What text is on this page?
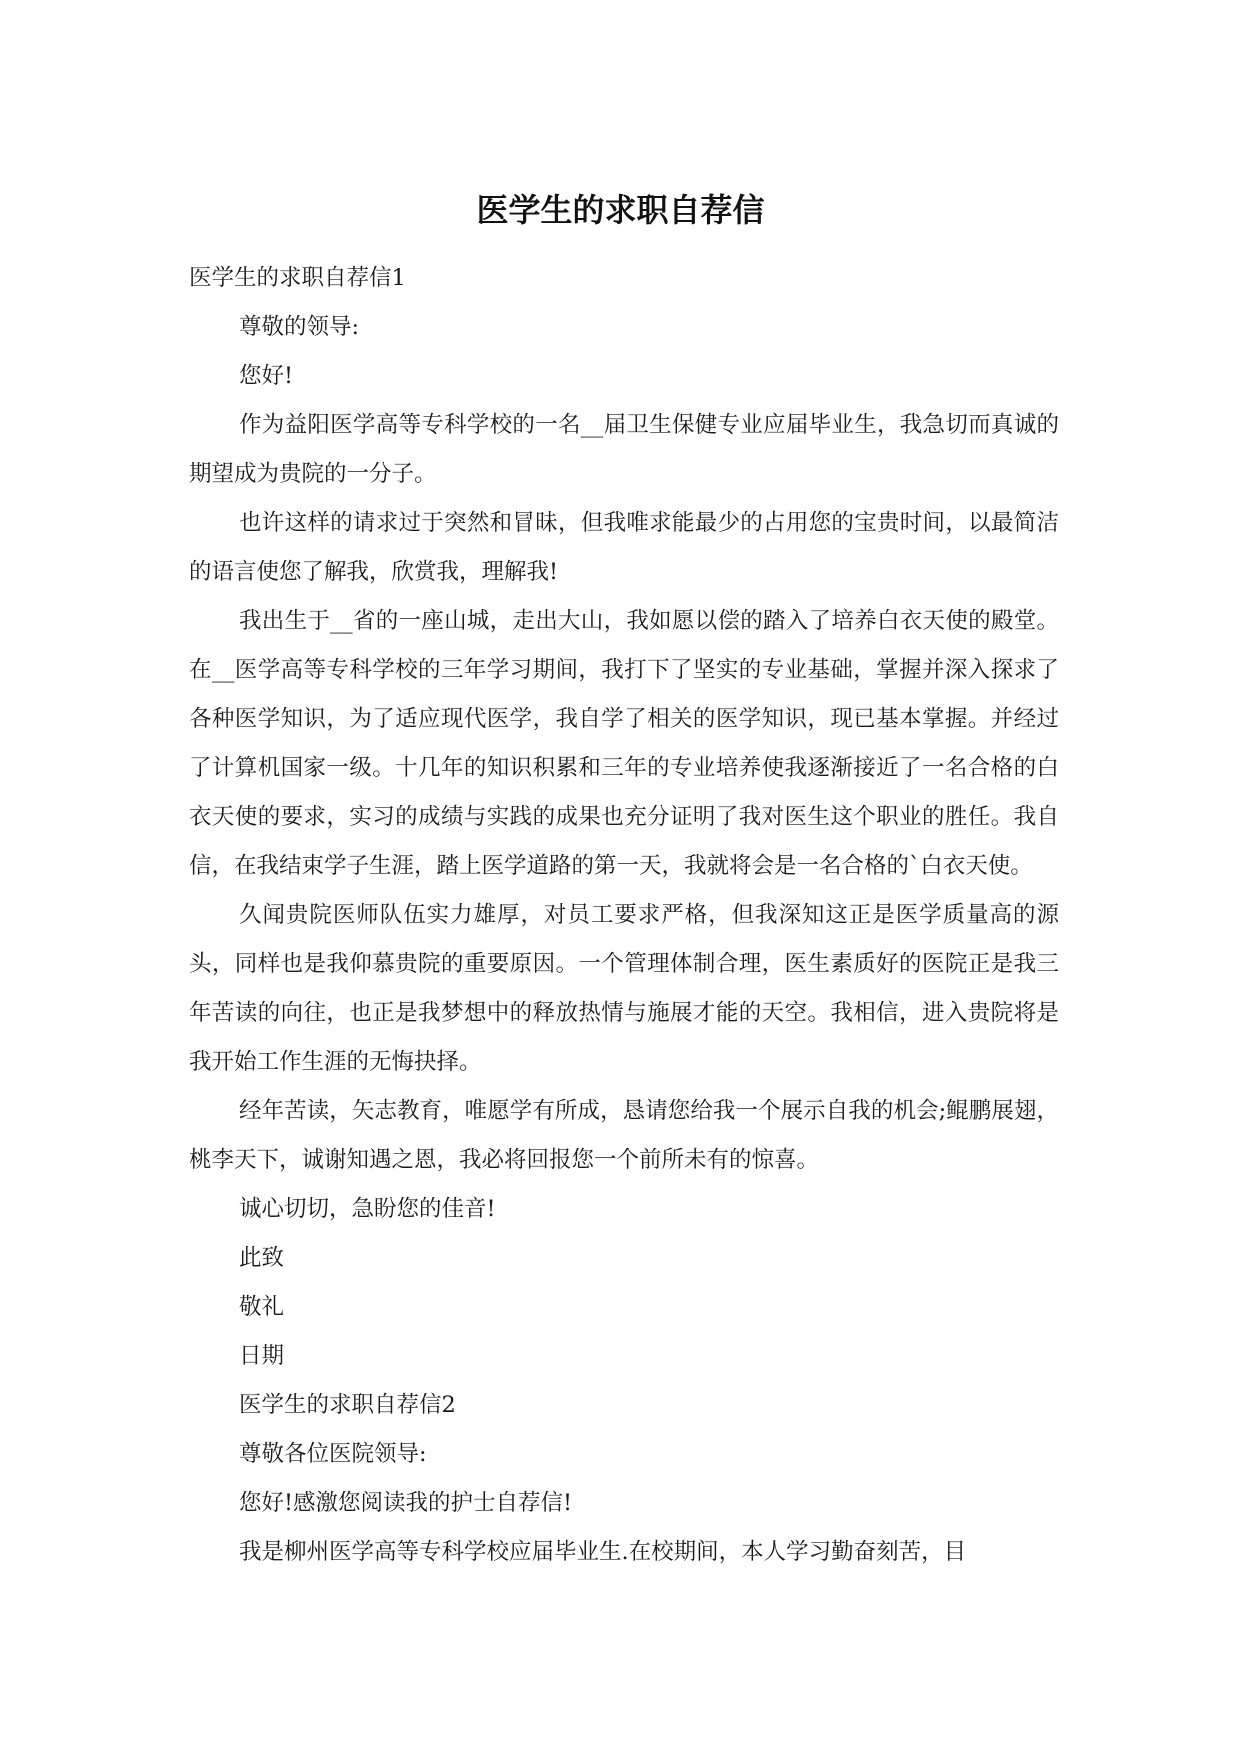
医学生的求职自荐信

医学生的求职自荐信1

尊敬的领导:

您好!

作为益阳医学高等专科学校的一名__届卫生保健专业应届毕业生，我急切而真诚的期望成为贵院的一分子。

也许这样的请求过于突然和冒昧，但我唯求能最少的占用您的宝贵时间，以最简洁的语言使您了解我，欣赏我，理解我!

我出生于__省的一座山城，走出大山，我如愿以偿的踏入了培养白衣天使的殿堂。在__医学高等专科学校的三年学习期间，我打下了坚实的专业基础，掌握并深入探求了各种医学知识，为了适应现代医学，我自学了相关的医学知识，现已基本掌握。并经过了计算机国家一级。十几年的知识积累和三年的专业培养使我逐渐接近了一名合格的白衣天使的要求，实习的成绩与实践的成果也充分证明了我对医生这个职业的胜任。我自信，在我结束学子生涯，踏上医学道路的第一天，我就将会是一名合格的`白衣天使。

久闻贵院医师队伍实力雄厚，对员工要求严格，但我深知这正是医学质量高的源头，同样也是我仰慕贵院的重要原因。一个管理体制合理，医生素质好的医院正是我三年苦读的向往，也正是我梦想中的释放热情与施展才能的天空。我相信，进入贵院将是我开始工作生涯的无悔抉择。

经年苦读，矢志教育，唯愿学有所成，恳请您给我一个展示自我的机会;鲲鹏展翅，桃李天下，诚谢知遇之恩，我必将回报您一个前所未有的惊喜。

诚心切切，急盼您的佳音!

此致

敬礼

日期

医学生的求职自荐信2

尊敬各位医院领导:

您好!感激您阅读我的护士自荐信!

我是柳州医学高等专科学校应届毕业生.在校期间，本人学习勤奋刻苦，目
